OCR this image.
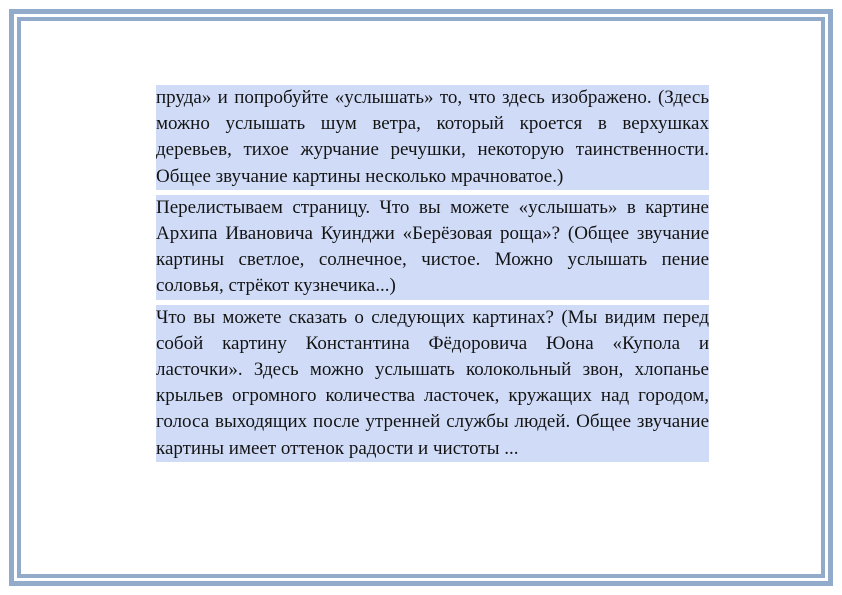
пруда» и попробуйте «услышать» то, что здесь изображено. (Здесь можно услышать шум ветра, который кроется в верхушках деревьев, тихое журчание речушки, некоторую таинственности. Общее звучание картины несколько мрачноватое.)

Перелистываем страницу. Что вы можете «услышать» в картине Архипа Ивановича Куинджи «Берёзовая роща»? (Общее звучание картины светлое, солнечное, чистое. Можно услышать пение соловья, стрёкот кузнечика...)

Что вы можете сказать о следующих картинах? (Мы видим перед собой картину Константина Фёдоровича Юона «Купола и ласточки». Здесь можно услышать колокольный звон, хлопанье крыльев огромного количества ласточек, кружащих над городом, голоса выходящих после утренней службы людей. Общее звучание картины имеет оттенок радости и чистоты ...
